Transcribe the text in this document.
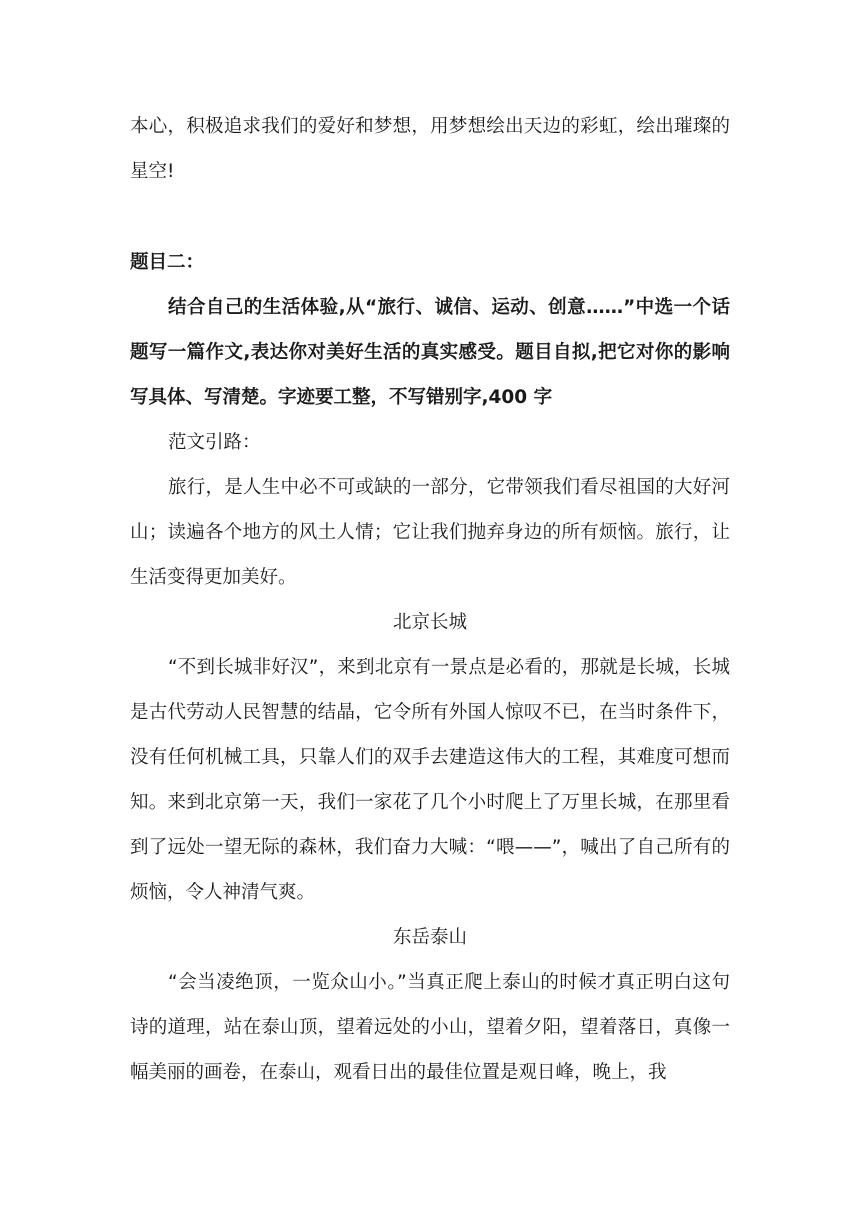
本心，积极追求我们的爱好和梦想，用梦想绘出天边的彩虹，绘出璀璨的星空!

题目二：

结合自己的生活体验,从“旅行、诚信、运动、创意……”中选一个话题写一篇作文,表达你对美好生活的真实感受。题目自拟,把它对你的影响写具体、写清楚。字迹要工整，不写错别字,400 字

范文引路：

旅行，是人生中必不可或缺的一部分，它带领我们看尽祖国的大好河山；读遍各个地方的风土人情；它让我们抛弃身边的所有烦恼。旅行，让生活变得更加美好。

北京长城

“不到长城非好汉”，来到北京有一景点是必看的，那就是长城，长城是古代劳动人民智慧的结晶，它令所有外国人惊叹不已，在当时条件下，没有任何机械工具，只靠人们的双手去建造这伟大的工程，其难度可想而知。来到北京第一天，我们一家花了几个小时爬上了万里长城，在那里看到了远处一望无际的森林，我们奋力大喊：“喂——”，喊出了自己所有的烦恼，令人神清气爽。

东岳泰山

“会当凌绝顶，一览众山小。”当真正爬上泰山的时候才真正明白这句诗的道理，站在泰山顶，望着远处的小山，望着夕阳，望着落日，真像一幅美丽的画卷，在泰山，观看日出的最佳位置是观日峰，晚上，我
